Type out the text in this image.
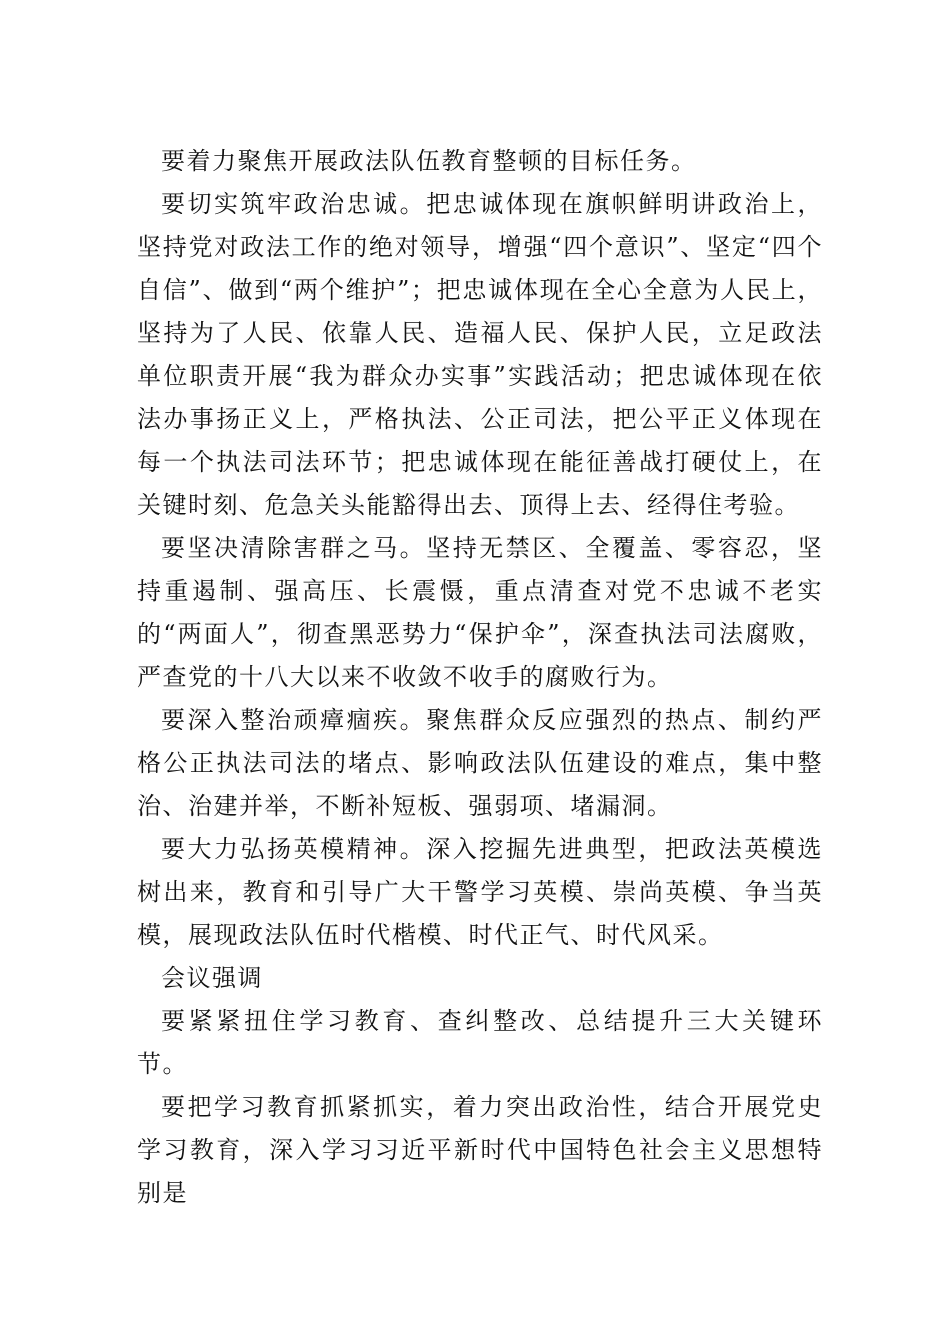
要着力聚焦开展政法队伍教育整顿的目标任务。

要切实筑牢政治忠诚。把忠诚体现在旗帜鲜明讲政治上，坚持党对政法工作的绝对领导，增强“四个意识”、坚定“四个自信”、做到“两个维护”；把忠诚体现在全心全意为人民上，坚持为了人民、依靠人民、造福人民、保护人民，立足政法单位职责开展“我为群众办实事”实践活动；把忠诚体现在依法办事扬正义上，严格执法、公正司法，把公平正义体现在每一个执法司法环节；把忠诚体现在能征善战打硬仗上，在关键时刻、危急关头能豁得出去、顶得上去、经得住考验。

要坚决清除害群之马。坚持无禁区、全覆盖、零容忍，坚持重遏制、强高压、长震慑，重点清查对党不忠诚不老实的“两面人”，彻查黑恶势力“保护伞”，深查执法司法腐败，严查党的十八大以来不收敛不收手的腐败行为。

要深入整治顽瘴痼疾。聚焦群众反应强烈的热点、制约严格公正执法司法的堵点、影响政法队伍建设的难点，集中整治、治建并举，不断补短板、强弱项、堵漏洞。

要大力弘扬英模精神。深入挖掘先进典型，把政法英模选树出来，教育和引导广大干警学习英模、崇尚英模、争当英模，展现政法队伍时代楷模、时代正气、时代风采。

会议强调

要紧紧扭住学习教育、查纠整改、总结提升三大关键环节。

要把学习教育抓紧抓实，着力突出政治性，结合开展党史学习教育，深入学习习近平新时代中国特色社会主义思想特别是
